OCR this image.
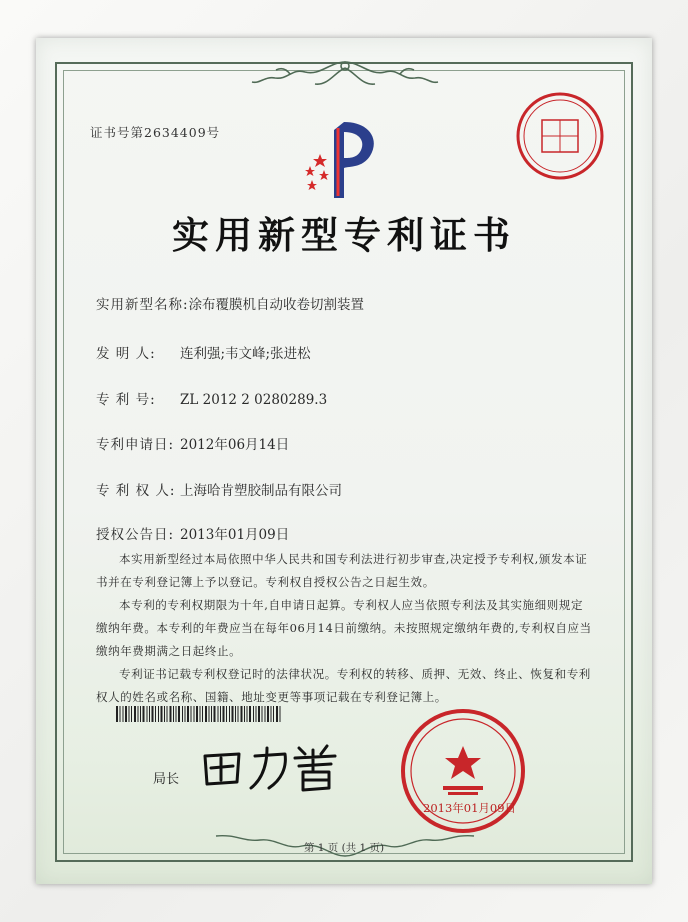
证书号第2634409号
实用新型专利证书
实用新型名称:涂布覆膜机自动收卷切割装置
发 明 人: 连利强;韦文峰;张进松
专 利 号: ZL 2012 2 0280289.3
专利申请日: 2012年06月14日
专 利 权 人: 上海哈肯塑胶制品有限公司
授权公告日: 2013年01月09日

本实用新型经过本局依照中华人民共和国专利法进行初步审查,决定授予专利权,颁发本证书并在专利登记簿上予以登记。专利权自授权公告之日起生效。

本专利的专利权期限为十年,自申请日起算。专利权人应当依照专利法及其实施细则规定缴纳年费。本专利的年费应当在每年06月14日前缴纳。未按照规定缴纳年费的,专利权自应当缴纳年费期满之日起终止。

专利证书记载专利权登记时的法律状况。专利权的转移、质押、无效、终止、恢复和专利权人的姓名或名称、国籍、地址变更等事项记载在专利登记簿上。

局长
2013年01月09日
第 1 页 (共 1 页)
